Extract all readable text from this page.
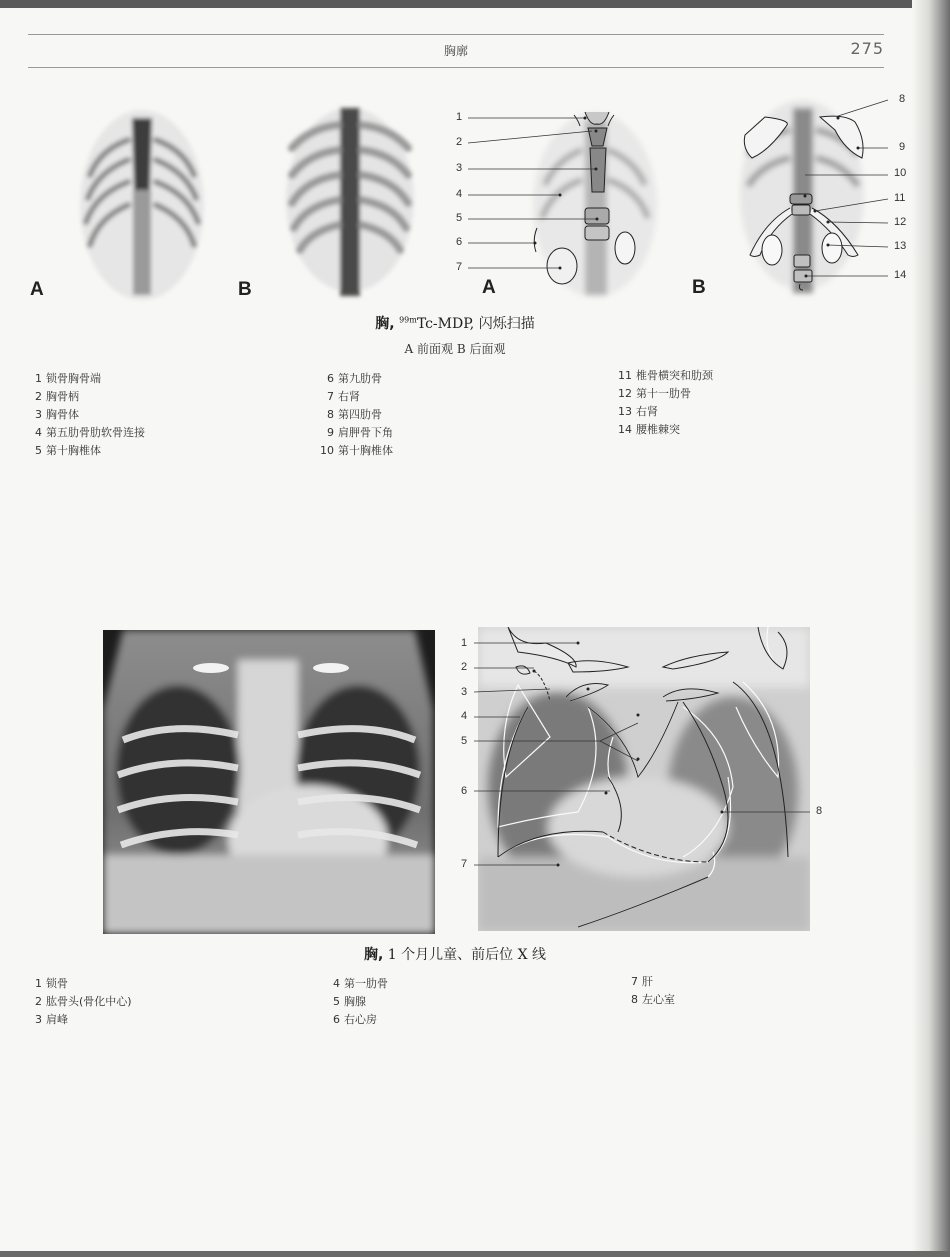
胸廓	275
A	B	A	B
1
2
3
4
5
6
7
8
9
10
11
12
13
14
胸, $^{99m}$Tc-MDP, 闪烁扫描
A 前面观 B 后面观
1 锁骨胸骨端
2 胸骨柄
3 胸骨体
4 第五肋骨肋软骨连接
5 第十胸椎体
6 第九肋骨
7 右肾
8 第四肋骨
9 肩胛骨下角
10 第十胸椎体
11 椎骨横突和肋颈
12 第十一肋骨
13 右肾
14 腰椎棘突
1
2
3
4
5
6
7
8
胸, 1 个月儿童、前后位 X 线
1 锁骨
2 肱骨头(骨化中心)
3 肩峰
4 第一肋骨
5 胸腺
6 右心房
7 肝
8 左心室
